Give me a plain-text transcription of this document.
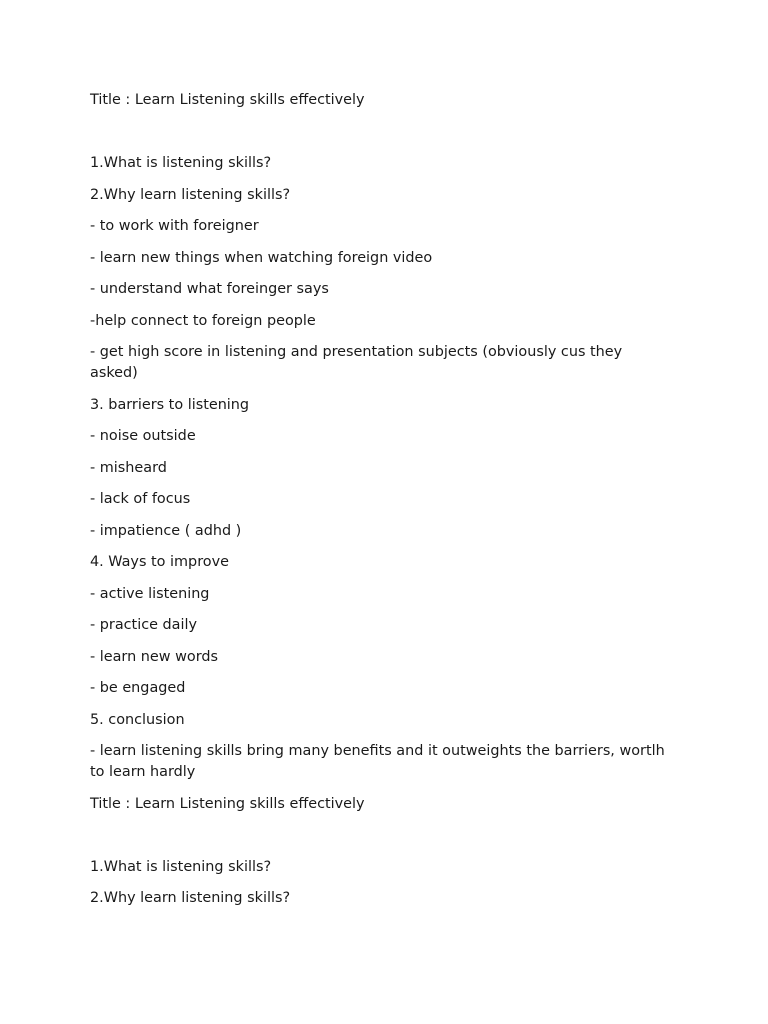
Title : Learn Listening skills effectively
1.What is listening skills?
2.Why learn listening skills?
- to work with foreigner
- learn new things when watching foreign video
- understand what foreinger says
-help connect to foreign people
- get high score in listening and presentation subjects (obviously cus they asked)
3. barriers to listening
- noise outside
- misheard
- lack of focus
- impatience ( adhd )
4. Ways to improve
- active listening
- practice daily
- learn new words
- be engaged
5. conclusion
- learn listening skills bring many benefits and it outweights the barriers, wortlh to learn hardly
Title : Learn Listening skills effectively
1.What is listening skills?
2.Why learn listening skills?
